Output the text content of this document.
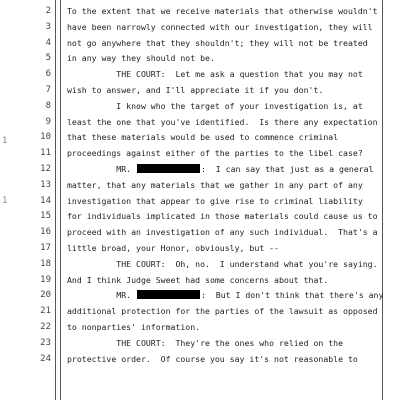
1
1
2 To the extent that we receive materials that otherwise wouldn't
3 have been narrowly connected with our investigation, they will
4 not go anywhere that they shouldn't; they will not be treated
5 in any way they should not be.
6 THE COURT:  Let me ask a question that you may not
7 wish to answer, and I'll appreciate it if you don't.
8 I know who the target of your investigation is, at
9 least the one that you've identified.  Is there any expectation
10 that these materials would be used to commence criminal
11 proceedings against either of the parties to the libel case?
12 MR.	:  I can say that just as a general
13 matter, that any materials that we gather in any part of any
14 investigation that appear to give rise to criminal liability
15 for individuals implicated in those materials could cause us to
16 proceed with an investigation of any such individual.  That's a
17 little broad, your Honor, obviously, but --
18 THE COURT:  Oh, no.  I understand what you're saying.
19 And I think Judge Sweet had some concerns about that.
20 MR.	:  But I don't think that there's any
21 additional protection for the parties of the lawsuit as opposed
22 to nonparties' information.
23 THE COURT:  They're the ones who relied on the
24 protective order.  Of course you say it's not reasonable to
